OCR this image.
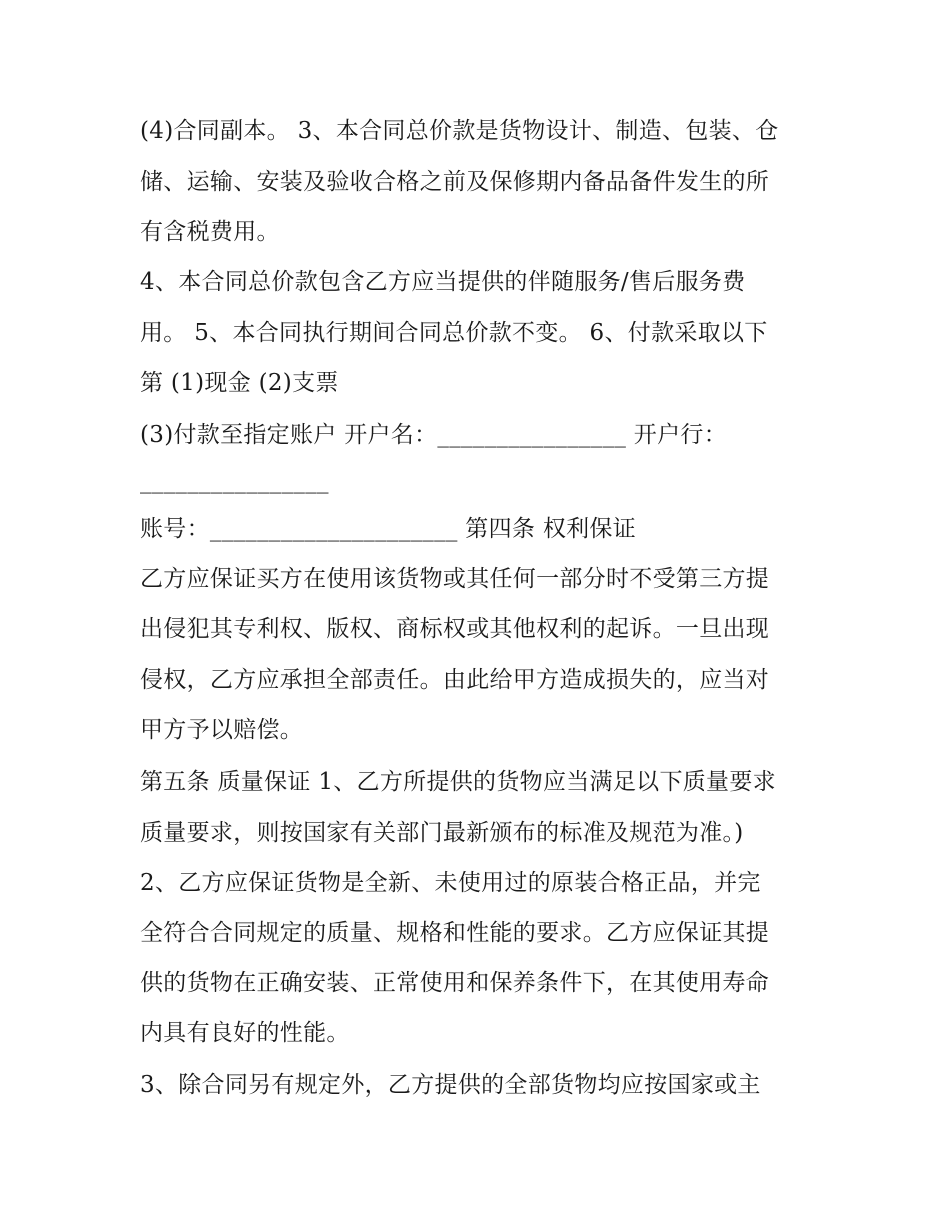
(4)合同副本。 3、本合同总价款是货物设计、制造、包装、仓
储、运输、安装及验收合格之前及保修期内备品备件发生的所
有含税费用。
4、本合同总价款包含乙方应当提供的伴随服务/售后服务费
用。 5、本合同执行期间合同总价款不变。 6、付款采取以下
第 (1)现金 (2)支票
(3)付款至指定账户 开户名：________________ 开户行：
________________
账号：_____________________ 第四条 权利保证
乙方应保证买方在使用该货物或其任何一部分时不受第三方提
出侵犯其专利权、版权、商标权或其他权利的起诉。一旦出现
侵权，乙方应承担全部责任。由此给甲方造成损失的，应当对
甲方予以赔偿。
第五条 质量保证 1、乙方所提供的货物应当满足以下质量要求
质量要求，则按国家有关部门最新颁布的标准及规范为准。)
2、乙方应保证货物是全新、未使用过的原装合格正品，并完
全符合合同规定的质量、规格和性能的要求。乙方应保证其提
供的货物在正确安装、正常使用和保养条件下，在其使用寿命
内具有良好的性能。
3、除合同另有规定外，乙方提供的全部货物均应按国家或主
